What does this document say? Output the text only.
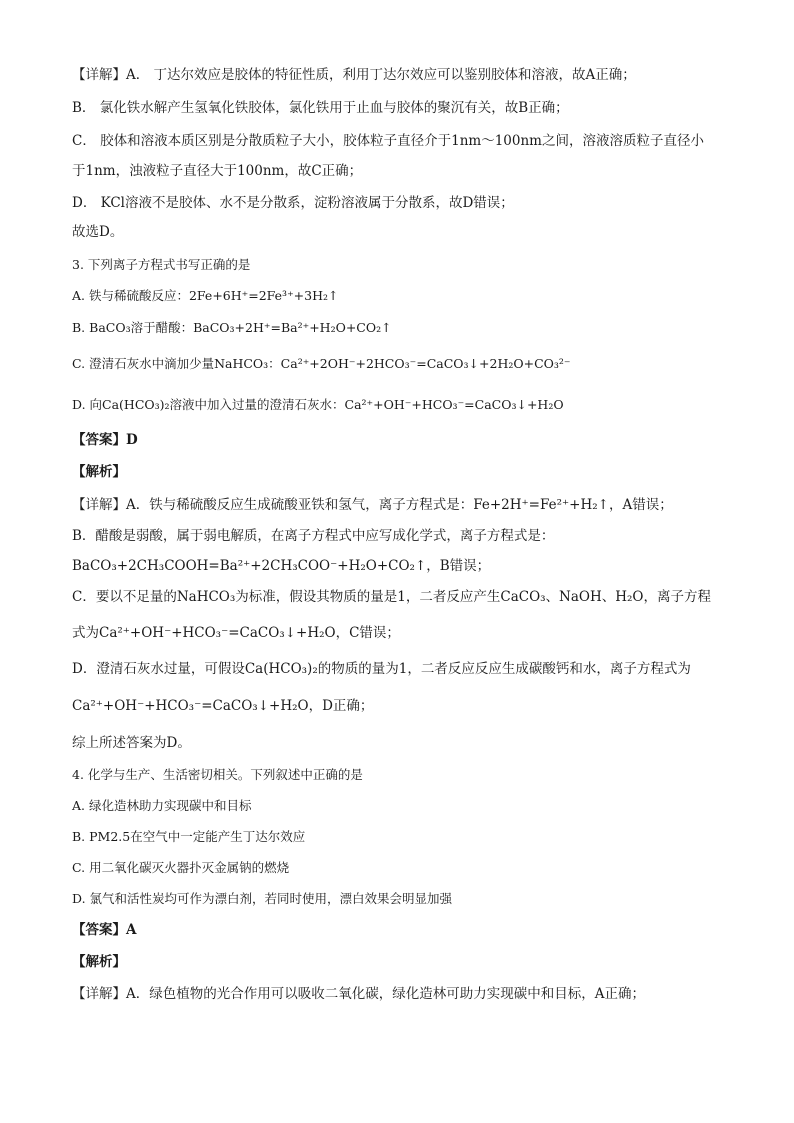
【详解】A． 丁达尔效应是胶体的特征性质，利用丁达尔效应可以鉴别胶体和溶液，故A正确；
B． 氯化铁水解产生氢氧化铁胶体，氯化铁用于止血与胶体的聚沉有关，故B正确；
C． 胶体和溶液本质区别是分散质粒子大小，胶体粒子直径介于1nm～100nm之间，溶液溶质粒子直径小
于1nm，浊液粒子直径大于100nm，故C正确；
D． KCl溶液不是胶体、水不是分散系，淀粉溶液属于分散系，故D错误；
故选D。
3. 下列离子方程式书写正确的是
A. 铁与稀硫酸反应：2Fe+6H⁺=2Fe³⁺+3H₂↑
B. BaCO₃溶于醋酸：BaCO₃+2H⁺=Ba²⁺+H₂O+CO₂↑
C. 澄清石灰水中滴加少量NaHCO₃：Ca²⁺+2OH⁻+2HCO₃⁻=CaCO₃↓+2H₂O+CO₃²⁻
D. 向Ca(HCO₃)₂溶液中加入过量的澄清石灰水：Ca²⁺+OH⁻+HCO₃⁻=CaCO₃↓+H₂O
【答案】D
【解析】
【详解】A．铁与稀硫酸反应生成硫酸亚铁和氢气，离子方程式是：Fe+2H⁺=Fe²⁺+H₂↑，A错误；
B．醋酸是弱酸，属于弱电解质，在离子方程式中应写成化学式，离子方程式是：
BaCO₃+2CH₃COOH=Ba²⁺+2CH₃COO⁻+H₂O+CO₂↑，B错误；
C．要以不足量的NaHCO₃为标准，假设其物质的量是1，二者反应产生CaCO₃、NaOH、H₂O，离子方程
式为Ca²⁺+OH⁻+HCO₃⁻=CaCO₃↓+H₂O，C错误；
D．澄清石灰水过量，可假设Ca(HCO₃)₂的物质的量为1，二者反应反应生成碳酸钙和水，离子方程式为
Ca²⁺+OH⁻+HCO₃⁻=CaCO₃↓+H₂O，D正确；
综上所述答案为D。
4. 化学与生产、生活密切相关。下列叙述中正确的是
A. 绿化造林助力实现碳中和目标
B. PM2.5在空气中一定能产生丁达尔效应
C. 用二氧化碳灭火器扑灭金属钠的燃烧
D. 氯气和活性炭均可作为漂白剂，若同时使用，漂白效果会明显加强
【答案】A
【解析】
【详解】A．绿色植物的光合作用可以吸收二氧化碳，绿化造林可助力实现碳中和目标，A正确；
